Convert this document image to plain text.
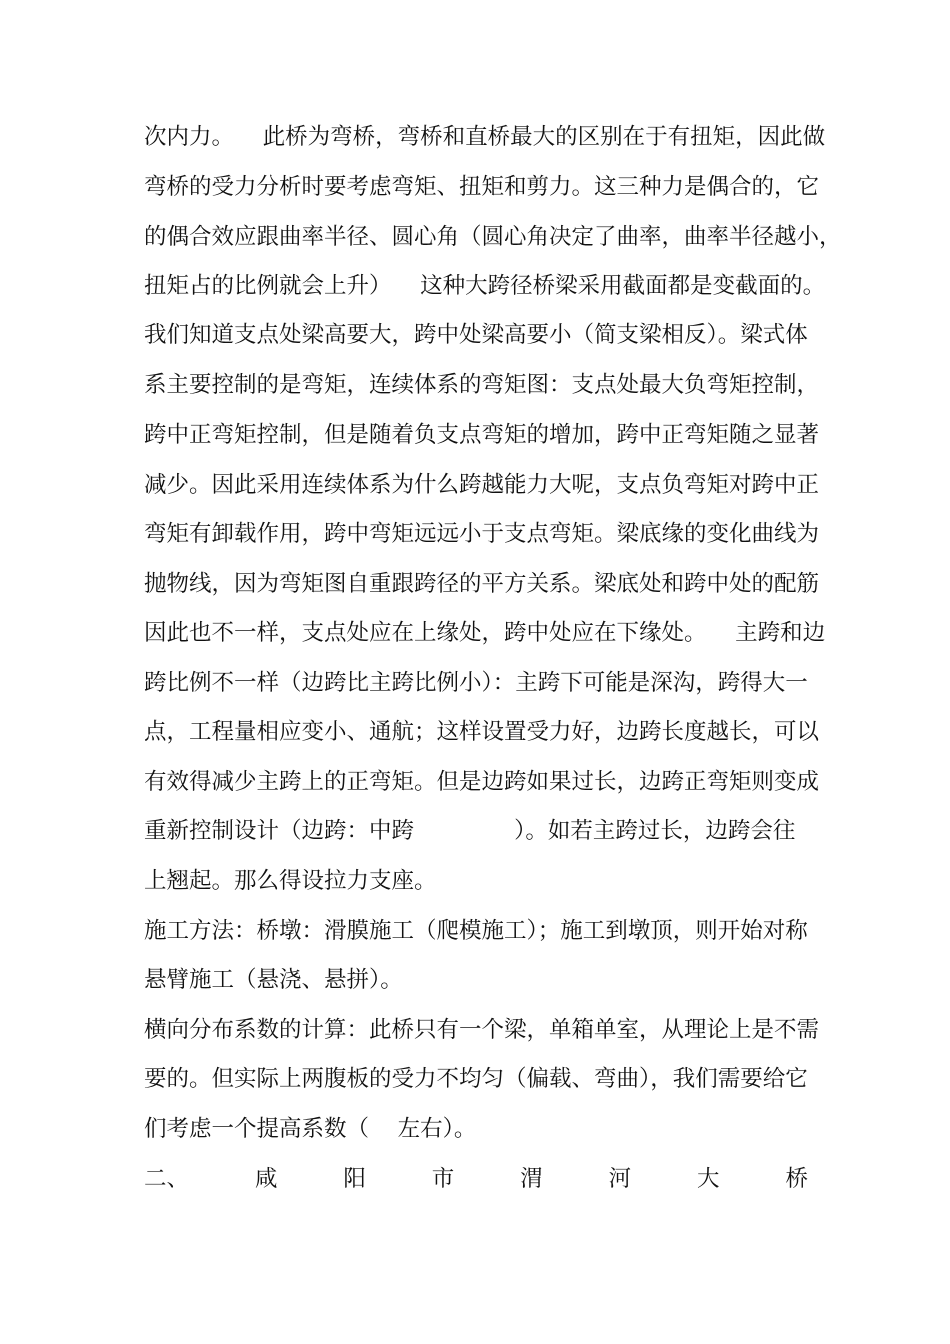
次内力。    此桥为弯桥，弯桥和直桥最大的区别在于有扭矩，因此做
弯桥的受力分析时要考虑弯矩、扭矩和剪力。这三种力是偶合的，它
的偶合效应跟曲率半径、圆心角（圆心角决定了曲率，曲率半径越小，
扭矩占的比例就会上升）    这种大跨径桥梁采用截面都是变截面的。
我们知道支点处梁高要大，跨中处梁高要小（简支梁相反）。梁式体
系主要控制的是弯矩，连续体系的弯矩图：支点处最大负弯矩控制，
跨中正弯矩控制，但是随着负支点弯矩的增加，跨中正弯矩随之显著
减少。因此采用连续体系为什么跨越能力大呢，支点负弯矩对跨中正
弯矩有卸载作用，跨中弯矩远远小于支点弯矩。梁底缘的变化曲线为
抛物线，因为弯矩图自重跟跨径的平方关系。梁底处和跨中处的配筋
因此也不一样，支点处应在上缘处，跨中处应在下缘处。    主跨和边
跨比例不一样（边跨比主跨比例小）：主跨下可能是深沟，跨得大一
点，工程量相应变小、通航；这样设置受力好，边跨长度越长，可以
有效得减少主跨上的正弯矩。但是边跨如果过长，边跨正弯矩则变成
重新控制设计（边跨：中跨              ）。如若主跨过长，边跨会往
上翘起。那么得设拉力支座。
施工方法：桥墩：滑膜施工（爬模施工）；施工到墩顶，则开始对称
悬臂施工（悬浇、悬拼）。
横向分布系数的计算：此桥只有一个梁，单箱单室，从理论上是不需
要的。但实际上两腹板的受力不均匀（偏载、弯曲），我们需要给它
们考虑一个提高系数（    左右）。
二、	咸	阳	市	渭	河	大	桥
